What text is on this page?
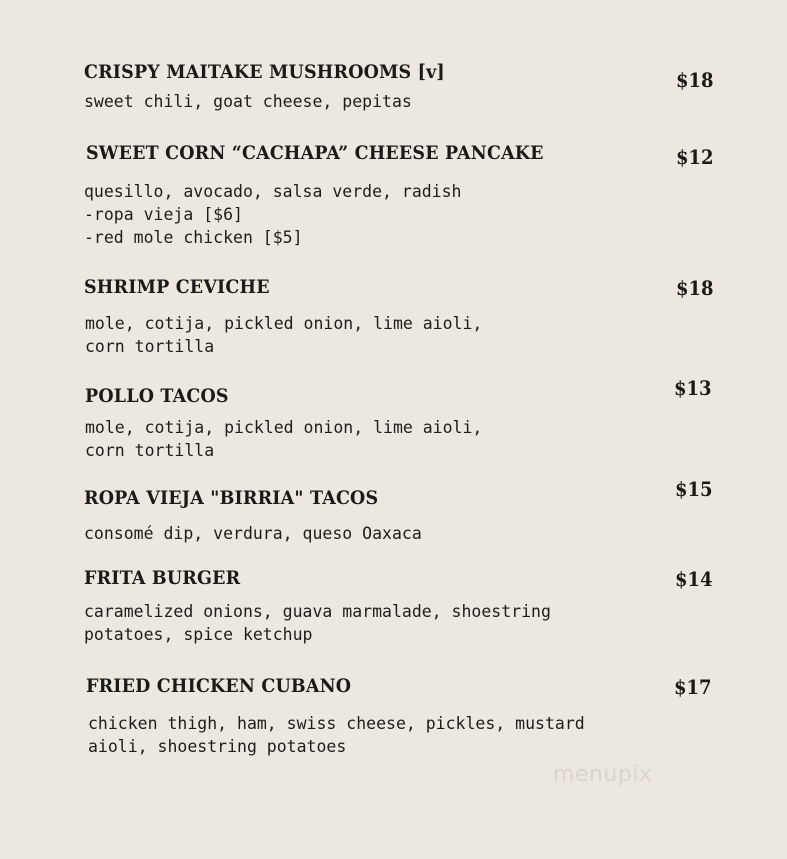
CRISPY MAITAKE MUSHROOMS [v]	$18
sweet chili, goat cheese, pepitas
SWEET CORN “CACHAPA” CHEESE PANCAKE	$12
quesillo, avocado, salsa verde, radish
-ropa vieja [$6]
-red mole chicken [$5]
SHRIMP CEVICHE	$18
mole, cotija, pickled onion, lime aioli,
corn tortilla
POLLO TACOS	$13
mole, cotija, pickled onion, lime aioli,
corn tortilla
ROPA VIEJA "BIRRIA" TACOS	$15
consomé dip, verdura, queso Oaxaca
FRITA BURGER	$14
caramelized onions, guava marmalade, shoestring
potatoes, spice ketchup
FRIED CHICKEN CUBANO	$17
chicken thigh, ham, swiss cheese, pickles, mustard
aioli, shoestring potatoes
menupix
